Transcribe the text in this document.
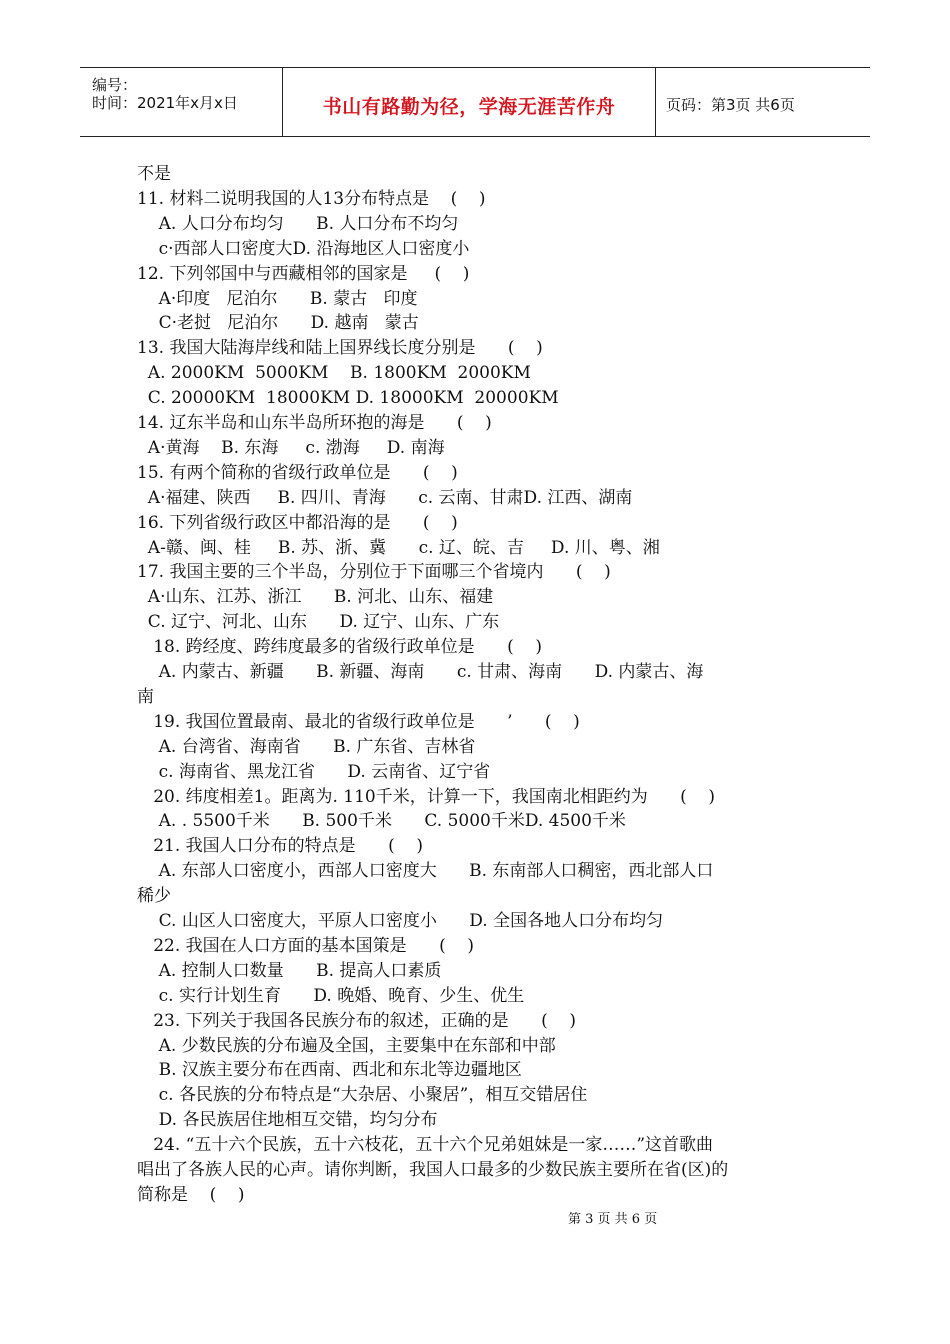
编号：
时间：2021年x月x日	书山有路勤为径，学海无涯苦作舟	页码：第3页 共6页
不是
11. 材料二说明我国的人13分布特点是    (    )
A. 人口分布均匀      B. 人口分布不均匀
c·西部人口密度大D. 沿海地区人口密度小
12. 下列邻国中与西藏相邻的国家是     (    )
A·印度   尼泊尔      B. 蒙古   印度
C·老挝   尼泊尔      D. 越南   蒙古
13. 我国大陆海岸线和陆上国界线长度分别是      (    )
A. 2000KM  5000KM    B. 1800KM  2000KM
C. 20000KM  18000KM D. 18000KM  20000KM
14. 辽东半岛和山东半岛所环抱的海是      (    )
A·黄海    B. 东海     c. 渤海     D. 南海
15. 有两个简称的省级行政单位是      (    )
A·福建、陕西     B. 四川、青海      c. 云南、甘肃D. 江西、湖南
16. 下列省级行政区中都沿海的是      (    )
A-赣、闽、桂     B. 苏、浙、冀      c. 辽、皖、吉     D. 川、粤、湘
17. 我国主要的三个半岛，分别位于下面哪三个省境内      (    )
A·山东、江苏、浙江      B. 河北、山东、福建
C. 辽宁、河北、山东      D. 辽宁、山东、广东
18. 跨经度、跨纬度最多的省级行政单位是      (    )
A. 内蒙古、新疆      B. 新疆、海南      c. 甘肃、海南      D. 内蒙古、海
南
19. 我国位置最南、最北的省级行政单位是      ’      (    )
A. 台湾省、海南省      B. 广东省、吉林省
c. 海南省、黑龙江省      D. 云南省、辽宁省
20. 纬度相差1。距离为. 110千米，计算一下，我国南北相距约为      (    )
A. . 5500千米      B. 500千米      C. 5000千米D. 4500千米
21. 我国人口分布的特点是      (    )
A. 东部人口密度小，西部人口密度大      B. 东南部人口稠密，西北部人口
稀少
C. 山区人口密度大，平原人口密度小      D. 全国各地人口分布均匀
22. 我国在人口方面的基本国策是      (    )
A. 控制人口数量      B. 提高人口素质
c. 实行计划生育      D. 晚婚、晚育、少生、优生
23. 下列关于我国各民族分布的叙述，正确的是      (    )
A. 少数民族的分布遍及全国，主要集中在东部和中部
B. 汉族主要分布在西南、西北和东北等边疆地区
c. 各民族的分布特点是“大杂居、小聚居”，相互交错居住
D. 各民族居住地相互交错，均匀分布
24. “五十六个民族，五十六枝花，五十六个兄弟姐妹是一家……”这首歌曲
唱出了各族人民的心声。请你判断，我国人口最多的少数民族主要所在省(区)的
简称是    (    )
第 3 页 共 6 页
